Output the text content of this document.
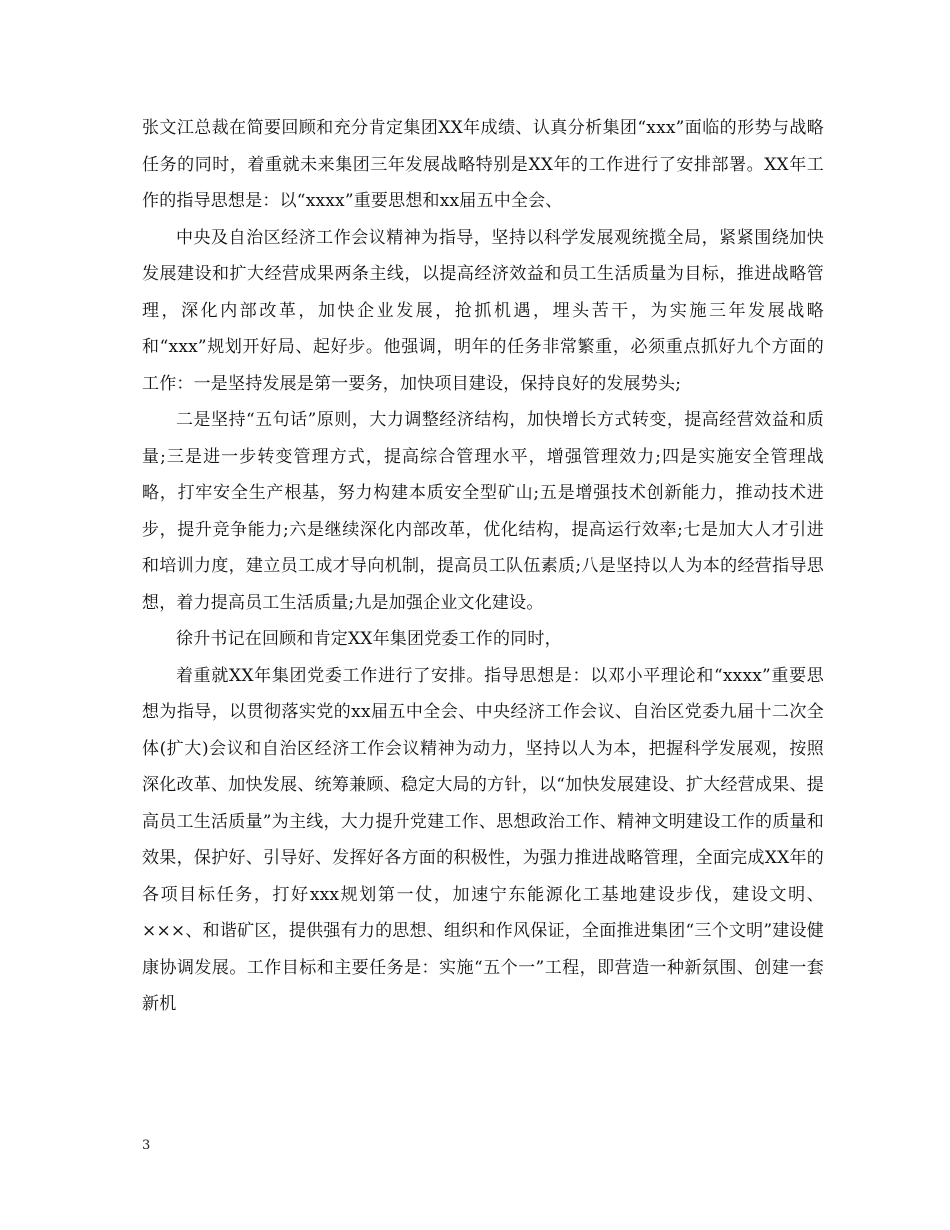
张文江总裁在简要回顾和充分肯定集团XX年成绩、认真分析集团“xxx”面临的形势与战略任务的同时，着重就未来集团三年发展战略特别是XX年的工作进行了安排部署。XX年工作的指导思想是：以“xxxx”重要思想和xx届五中全会、

中央及自治区经济工作会议精神为指导，坚持以科学发展观统揽全局，紧紧围绕加快发展建设和扩大经营成果两条主线，以提高经济效益和员工生活质量为目标，推进战略管理，深化内部改革，加快企业发展，抢抓机遇，埋头苦干，为实施三年发展战略和“xxx”规划开好局、起好步。他强调，明年的任务非常繁重，必须重点抓好九个方面的工作：一是坚持发展是第一要务，加快项目建设，保持良好的发展势头;

二是坚持“五句话”原则，大力调整经济结构，加快增长方式转变，提高经营效益和质量;三是进一步转变管理方式，提高综合管理水平，增强管理效力;四是实施安全管理战略，打牢安全生产根基，努力构建本质安全型矿山;五是增强技术创新能力，推动技术进步，提升竞争能力;六是继续深化内部改革，优化结构，提高运行效率;七是加大人才引进和培训力度，建立员工成才导向机制，提高员工队伍素质;八是坚持以人为本的经营指导思想，着力提高员工生活质量;九是加强企业文化建设。

徐升书记在回顾和肯定XX年集团党委工作的同时，

着重就XX年集团党委工作进行了安排。指导思想是：以邓小平理论和“xxxx”重要思想为指导，以贯彻落实党的xx届五中全会、中央经济工作会议、自治区党委九届十二次全体(扩大)会议和自治区经济工作会议精神为动力，坚持以人为本，把握科学发展观，按照深化改革、加快发展、统筹兼顾、稳定大局的方针，以“加快发展建设、扩大经营成果、提高员工生活质量”为主线，大力提升党建工作、思想政治工作、精神文明建设工作的质量和效果，保护好、引导好、发挥好各方面的积极性，为强力推进战略管理，全面完成XX年的各项目标任务，打好xxx规划第一仗，加速宁东能源化工基地建设步伐，建设文明、×××、和谐矿区，提供强有力的思想、组织和作风保证，全面推进集团“三个文明”建设健康协调发展。工作目标和主要任务是：实施“五个一”工程，即营造一种新氛围、创建一套新机

3
